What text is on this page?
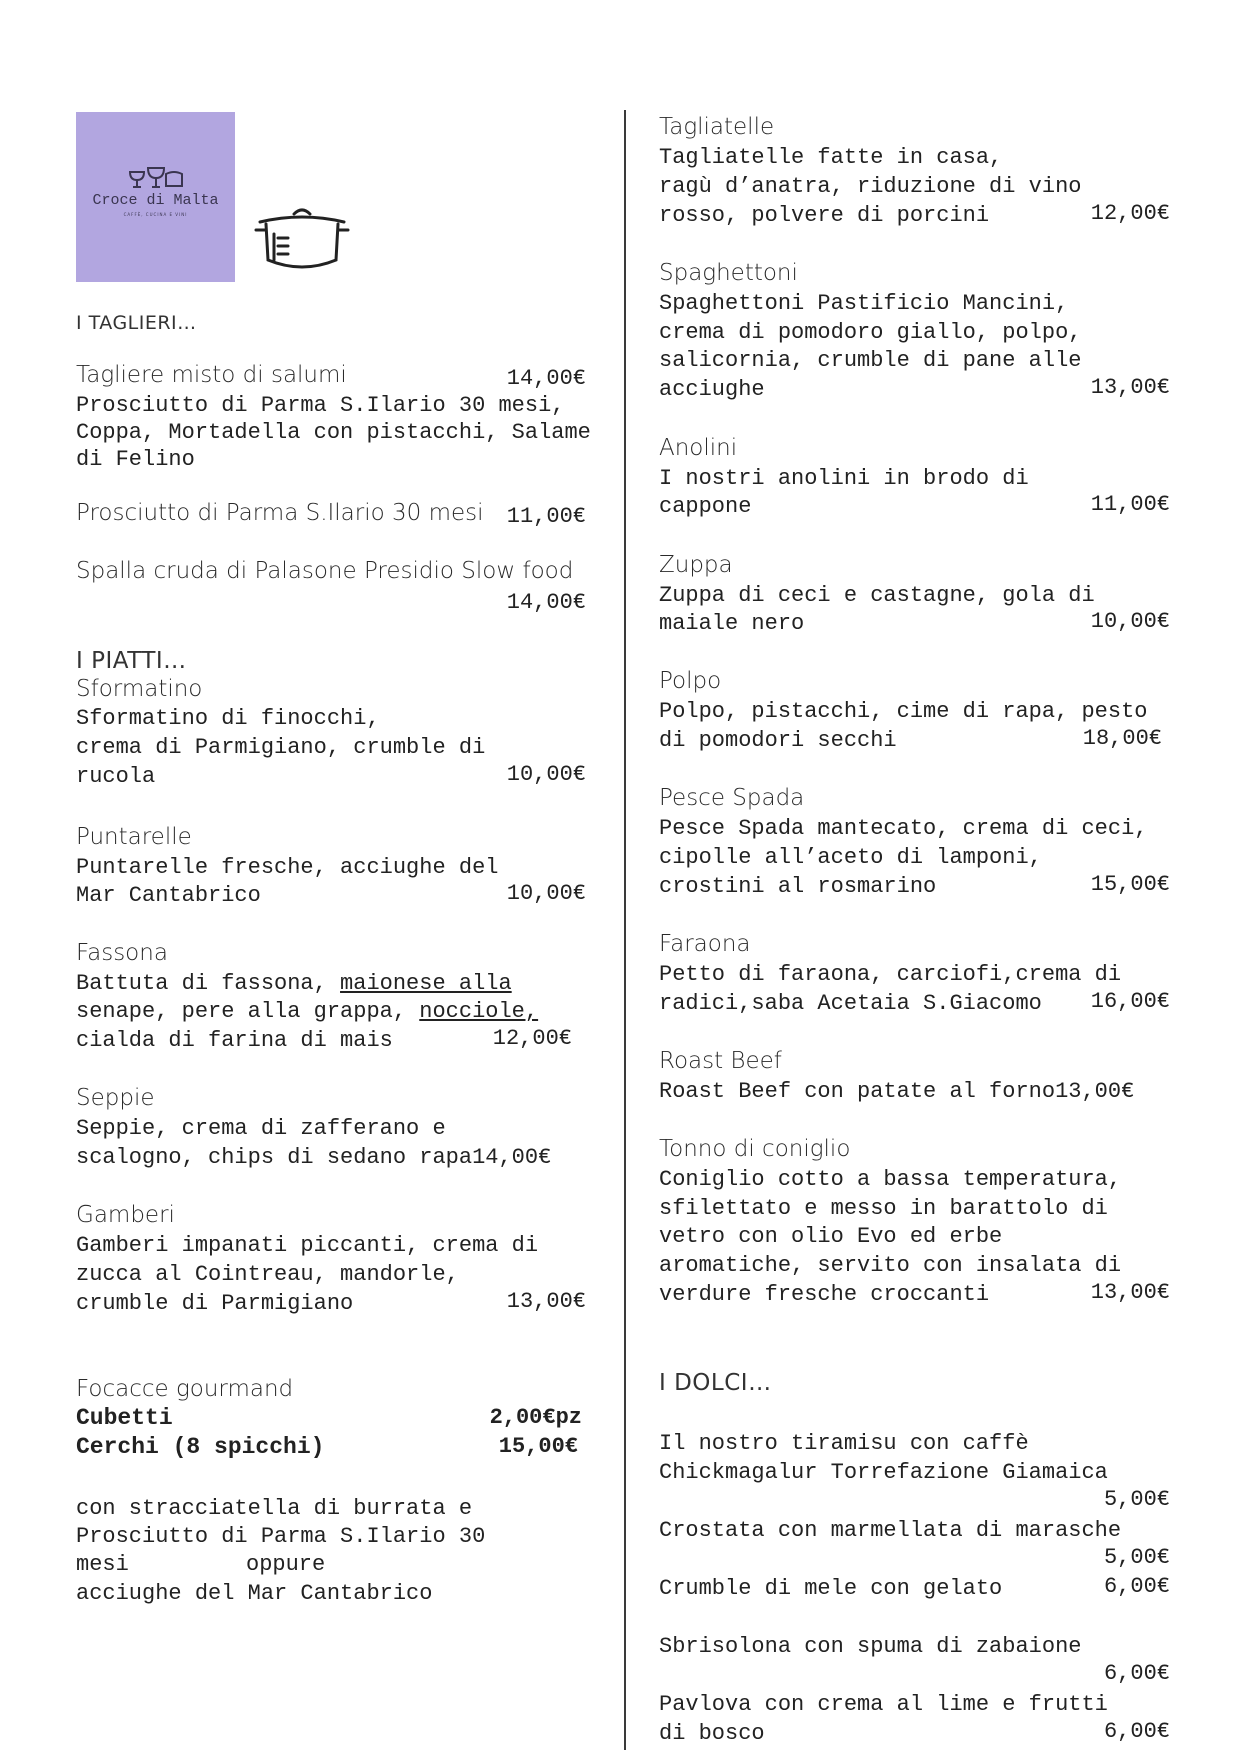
Croce di Malta
CAFFÈ, CUCINA E VINI
I TAGLIERI…
Tagliere misto di salumi	14,00€
Prosciutto di Parma S.Ilario 30 mesi,
Coppa, Mortadella con pistacchi, Salame
di Felino
Prosciutto di Parma S.Ilario 30 mesi 11,00€
Spalla cruda di Palasone Presidio Slow food
14,00€
I PIATTI…
Sformatino
Sformatino di finocchi,
crema di Parmigiano, crumble di
rucola	10,00€
Puntarelle
Puntarelle fresche, acciughe del
Mar Cantabrico	10,00€
Fassona
Battuta di fassona, maionese alla
senape, pere alla grappa, nocciole,
cialda di farina di mais	12,00€
Seppie
Seppie, crema di zafferano e
scalogno, chips di sedano rapa14,00€
Gamberi
Gamberi impanati piccanti, crema di
zucca al Cointreau, mandorle,
crumble di Parmigiano	13,00€
Focacce gourmand
Cubetti	2,00€pz
Cerchi (8 spicchi)	15,00€
con stracciatella di burrata e
Prosciutto di Parma S.Ilario 30
mesi	oppure
acciughe del Mar Cantabrico
Tagliatelle
Tagliatelle fatte in casa,
ragù d’anatra, riduzione di vino
rosso, polvere di porcini	12,00€
Spaghettoni
Spaghettoni Pastificio Mancini,
crema di pomodoro giallo, polpo,
salicornia, crumble di pane alle
acciughe	13,00€
Anolini
I nostri anolini in brodo di
cappone	11,00€
Zuppa
Zuppa di ceci e castagne, gola di
maiale nero	10,00€
Polpo
Polpo, pistacchi, cime di rapa, pesto
di pomodori secchi	18,00€
Pesce Spada
Pesce Spada mantecato, crema di ceci,
cipolle all’aceto di lamponi,
crostini al rosmarino	15,00€
Faraona
Petto di faraona, carciofi,crema di
radici,saba Acetaia S.Giacomo 16,00€
Roast Beef
Roast Beef con patate al forno13,00€
Tonno di coniglio
Coniglio cotto a bassa temperatura,
sfilettato e messo in barattolo di
vetro con olio Evo ed erbe
aromatiche, servito con insalata di
verdure fresche croccanti	13,00€
I DOLCI…
Il nostro tiramisu con caffè
Chickmagalur Torrefazione Giamaica
5,00€
Crostata con marmellata di marasche
5,00€
Crumble di mele con gelato	6,00€
Sbrisolona con spuma di zabaione
6,00€
Pavlova con crema al lime e frutti
di bosco	6,00€
